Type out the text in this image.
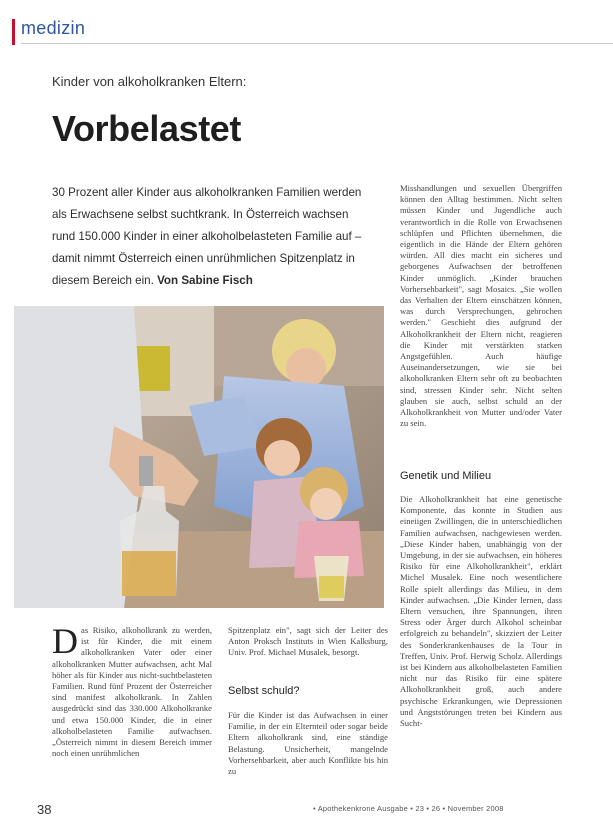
medizin
Kinder von alkoholkranken Eltern:
Vorbelastet
30 Prozent aller Kinder aus alkoholkranken Familien werden als Erwachsene selbst suchtkrank. In Österreich wachsen rund 150.000 Kinder in einer alkoholbelasteten Familie auf – damit nimmt Österreich einen unrühmlichen Spitzenplatz in diesem Bereich ein. Von Sabine Fisch

Misshandlungen und sexuellen Übergriffen können den Alltag bestimmen. Nicht selten müssen Kinder und Jugendliche auch verantwortlich in die Rolle von Erwachsenen schlüpfen und Pflichten übernehmen, die eigentlich in die Hände der Eltern gehören würden. All dies macht ein sicheres und geborgenes Aufwachsen der betroffenen Kinder unmöglich. „Kinder brauchen Vorhersehbarkeit", sagt Mosaics. „Sie wollen das Verhalten der Eltern einschätzen können, was durch Versprechungen, gebrochen werden." Geschieht dies aufgrund der Alkoholkrankheit der Eltern nicht, reagieren die Kinder mit verstärkten starken Angstgefühlen. Auch häufige Auseinandersetzungen, wie sie bei alkoholkranken Eltern sehr oft zu beobachten sind, stressen Kinder sehr. Nicht selten glauben sie auch, selbst schuld an der Alkoholkrankheit von Mutter und/oder Vater zu sein.

Genetik und Milieu

Die Alkoholkrankheit hat eine genetische Komponente, das konnte in Studien aus eineiigen Zwillingen, die in unterschiedlichen Familien aufwachsen, nachgewiesen werden. „Diese Kinder haben, unabhängig von der Umgebung, in der sie aufwachsen, ein höheres Risiko für eine Alkoholkrankheit", erklärt Michel Musalek. Eine noch wesentlichere Rolle spielt allerdings das Milieu, in dem Kinder aufwachsen. „Die Kinder lernen, dass Eltern versuchen, ihre Spannungen, ihren Stress oder Ärger durch Alkohol scheinbar erfolgreich zu behandeln", skizziert der Leiter des Sonderkrankenhauses de la Tour in Treffen, Univ. Prof. Herwig Scholz. Allerdings ist bei Kindern aus alkoholbelasteten Familien nicht nur das Risiko für eine spätere Alkoholkrankheit groß, auch andere psychische Erkrankungen, wie Depressionen und Angststörungen treten bei Kindern aus Sucht-

D as Risiko, alkoholkrank zu werden, ist für Kinder, die mit einem alkoholkranken Vater oder einer alkoholkranken Mutter aufwachsen, acht Mal höher als für Kinder aus nicht-suchtbelasteten Familien. Rund fünf Prozent der Österreicher sind manifest alkoholkrank. In Zahlen ausgedrückt sind das 330.000 Alkoholkranke und etwa 150.000 Kinder, die in einer alkoholbelasteten Familie aufwachsen. „Österreich nimmt in diesem Bereich immer noch einen unrühmlichen

Spitzenplatz ein", sagt sich der Leiter des Anton Proksch Instituts in Wien Kalksburg, Univ. Prof. Michael Musalek, besorgt.

Selbst schuld?

Für die Kinder ist das Aufwachsen in einer Familie, in der ein Elternteil oder sogar beide Eltern alkoholkrank sind, eine ständige Belastung. Unsicherheit, mangelnde Vorhersehbarkeit, aber auch Konflikte bis hin zu

38	• Apothekenkrone Ausgabe • 23 • 26 • November 2008
